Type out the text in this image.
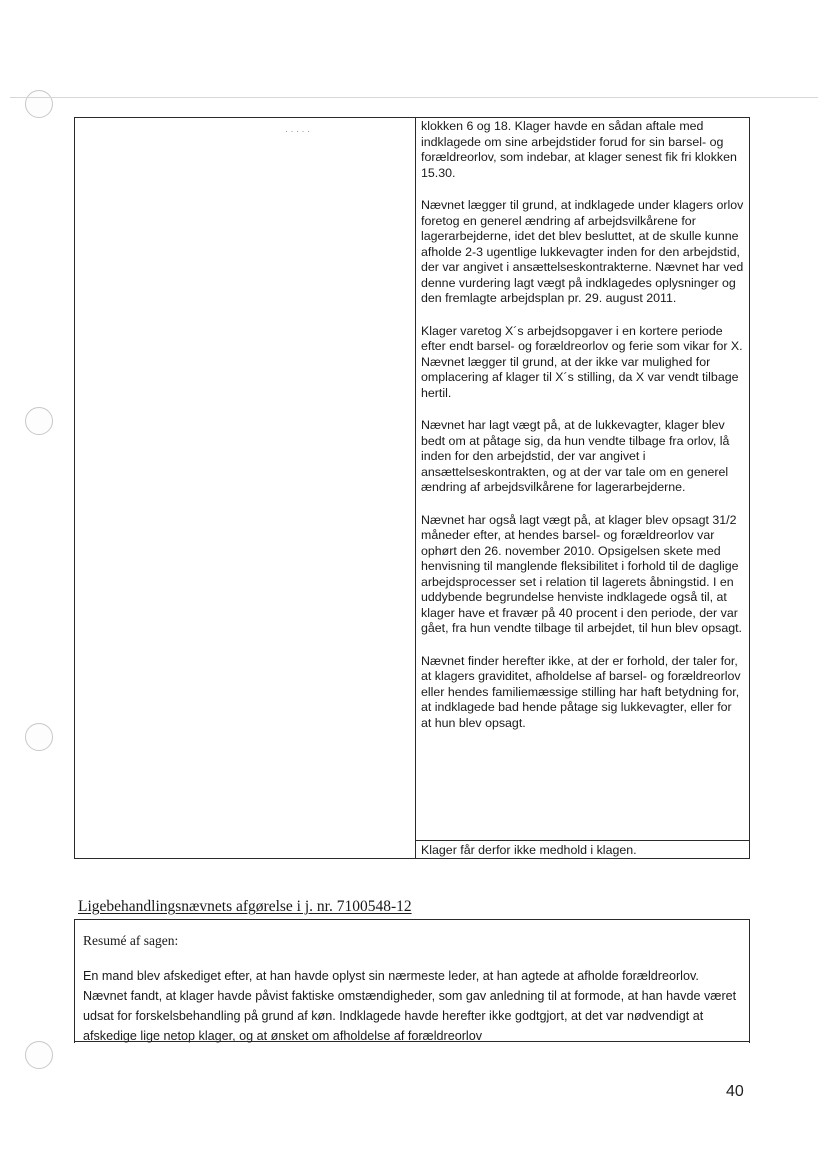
· · · · ·	klokken 6 og 18. Klager havde en sådan aftale med indklagede om sine arbejdstider forud for sin barsel- og forældreorlov, som indebar, at klager senest fik fri klokken 15.30.

Nævnet lægger til grund, at indklagede under klagers orlov foretog en generel ændring af arbejdsvilkårene for lagerarbejderne, idet det blev besluttet, at de skulle kunne afholde 2-3 ugentlige lukkevagter inden for den arbejdstid, der var angivet i ansættelseskontrakterne. Nævnet har ved denne vurdering lagt vægt på indklagedes oplysninger og den fremlagte arbejdsplan pr. 29. august 2011.

Klager varetog X´s arbejdsopgaver i en kortere periode efter endt barsel- og forældreorlov og ferie som vikar for X. Nævnet lægger til grund, at der ikke var mulighed for omplacering af klager til X´s stilling, da X var vendt tilbage hertil.

Nævnet har lagt vægt på, at de lukkevagter, klager blev bedt om at påtage sig, da hun vendte tilbage fra orlov, lå inden for den arbejdstid, der var angivet i ansættelseskontrakten, og at der var tale om en generel ændring af arbejdsvilkårene for lagerarbejderne.

Nævnet har også lagt vægt på, at klager blev opsagt 31/2 måneder efter, at hendes barsel- og forældreorlov var ophørt den 26. november 2010. Opsigelsen skete med henvisning til manglende fleksibilitet i forhold til de daglige arbejdsprocesser set i relation til lagerets åbningstid. I en uddybende begrundelse henviste indklagede også til, at klager have et fravær på 40 procent i den periode, der var gået, fra hun vendte tilbage til arbejdet, til hun blev opsagt.

Nævnet finder herefter ikke, at der er forhold, der taler for, at klagers graviditet, afholdelse af barsel- og forældreorlov eller hendes familiemæssige stilling har haft betydning for, at indklagede bad hende påtage sig lukkevagter, eller for at hun blev opsagt.

Klager får derfor ikke medhold i klagen.
Ligebehandlingsnævnets afgørelse i j. nr. 7100548-12
Resumé af sagen:
En mand blev afskediget efter, at han havde oplyst sin nærmeste leder, at han agtede at afholde forældreorlov. Nævnet fandt, at klager havde påvist faktiske omstændigheder, som gav anledning til at formode, at han havde været udsat for forskelsbehandling på grund af køn. Indklagede havde herefter ikke godtgjort, at det var nødvendigt at afskedige lige netop klager, og at ønsket om afholdelse af forældreorlov
40
